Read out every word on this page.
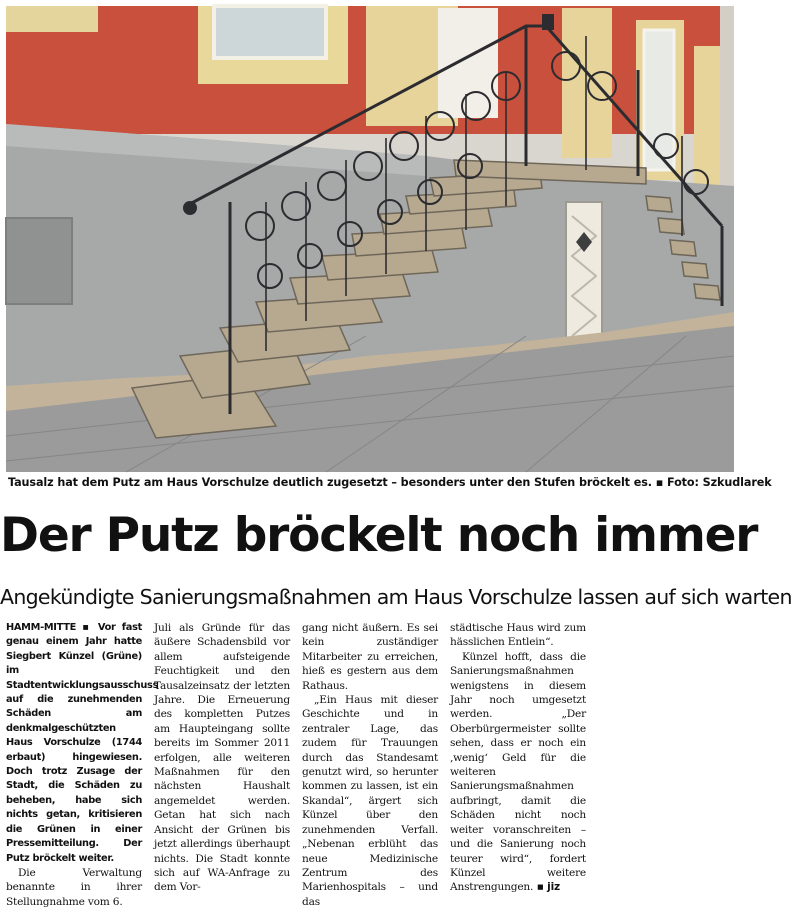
Tausalz hat dem Putz am Haus Vorschulze deutlich zugesetzt – besonders unter den Stufen bröckelt es. ▪ Foto: Szkudlarek
Der Putz bröckelt noch immer
Angekündigte Sanierungsmaßnahmen am Haus Vorschulze lassen auf sich warten

HAMM-MITTE ▪ Vor fast genau einem Jahr hatte Siegbert Künzel (Grüne) im Stadtentwicklungsausschuss auf die zunehmenden Schäden am denkmalgeschützten Haus Vorschulze (1744 erbaut) hingewiesen. Doch trotz Zusage der Stadt, die Schäden zu beheben, habe sich nichts getan, kritisieren die Grünen in einer Pressemitteilung. Der Putz bröckelt weiter.

Die Verwaltung benannte in ihrer Stellungnahme vom 6.

Juli als Gründe für das äußere Schadensbild vor allem aufsteigende Feuchtigkeit und den Tausalzeinsatz der letzten Jahre. Die Erneuerung des kompletten Putzes am Haupteingang sollte bereits im Sommer 2011 erfolgen, alle weiteren Maßnahmen für den nächsten Haushalt angemeldet werden. Getan hat sich nach Ansicht der Grünen bis jetzt allerdings überhaupt nichts. Die Stadt konnte sich auf WA-Anfrage zu dem Vor-

gang nicht äußern. Es sei kein zuständiger Mitarbeiter zu erreichen, hieß es gestern aus dem Rathaus.

„Ein Haus mit dieser Geschichte und in zentraler Lage, das zudem für Trauungen durch das Standesamt genutzt wird, so herunter kommen zu lassen, ist ein Skandal“, ärgert sich Künzel über den zunehmenden Verfall. „Nebenan erblüht das neue Medizinische Zentrum des Marienhospitals – und das

städtische Haus wird zum hässlichen Entlein“.

Künzel hofft, dass die Sanierungsmaßnahmen wenigstens in diesem Jahr noch umgesetzt werden. „Der Oberbürgermeister sollte sehen, dass er noch ein ‚wenig‘ Geld für die weiteren Sanierungsmaßnahmen aufbringt, damit die Schäden nicht noch weiter voranschreiten – und die Sanierung noch teurer wird“, fordert Künzel weitere Anstrengungen. ▪ jiz
